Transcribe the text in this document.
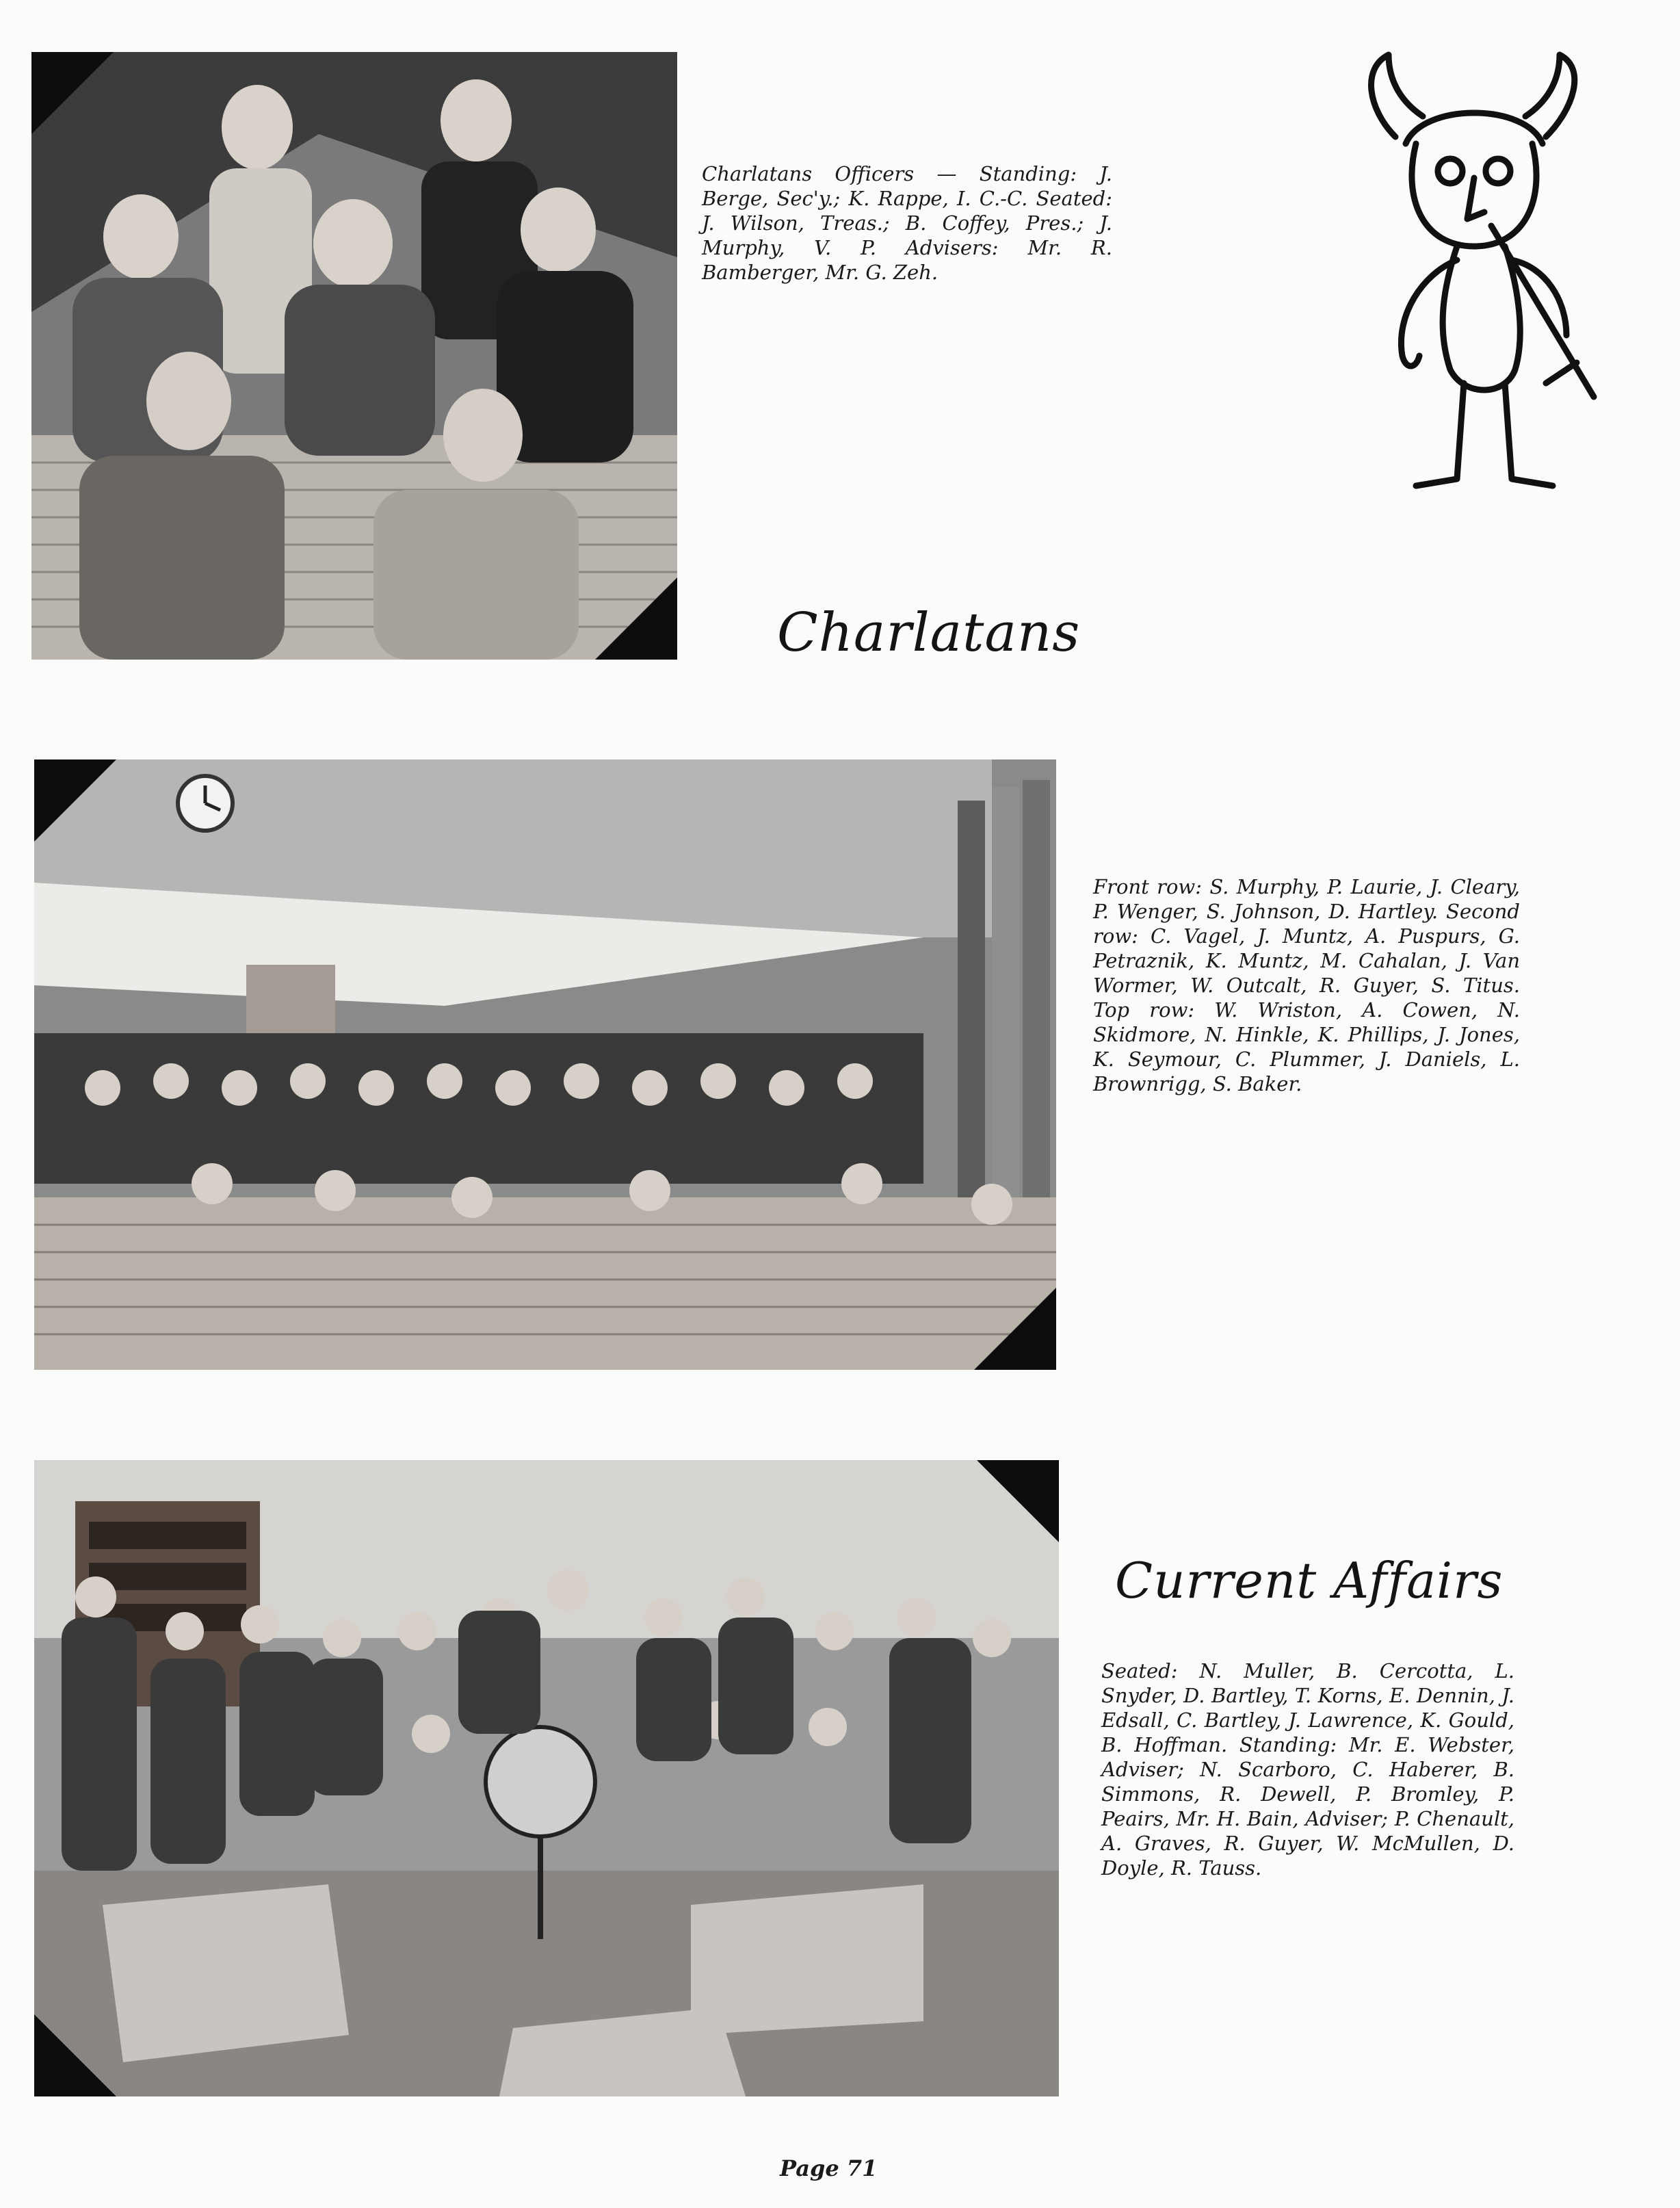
Charlatans Officers — Standing: J. Berge, Sec'y.; K. Rappe, I. C.-C. Seated: J. Wilson, Treas.; B. Coffey, Pres.; J. Murphy, V. P. Advisers: Mr. R. Bamberger, Mr. G. Zeh.

Charlatans

Front row: S. Murphy, P. Laurie, J. Cleary, P. Wenger, S. Johnson, D. Hartley. Second row: C. Vagel, J. Muntz, A. Puspurs, G. Petraznik, K. Muntz, M. Cahalan, J. Van Wormer, W. Outcalt, R. Guyer, S. Titus. Top row: W. Wriston, A. Cowen, N. Skidmore, N. Hinkle, K. Phillips, J. Jones, K. Seymour, C. Plummer, J. Daniels, L. Brownrigg, S. Baker.

Current Affairs

Seated: N. Muller, B. Cercotta, L. Snyder, D. Bartley, T. Korns, E. Dennin, J. Edsall, C. Bartley, J. Lawrence, K. Gould, B. Hoffman. Standing: Mr. E. Webster, Adviser; N. Scarboro, C. Haberer, B. Simmons, R. Dewell, P. Bromley, P. Peairs, Mr. H. Bain, Adviser; P. Chenault, A. Graves, R. Guyer, W. McMullen, D. Doyle, R. Tauss.

Page 71
